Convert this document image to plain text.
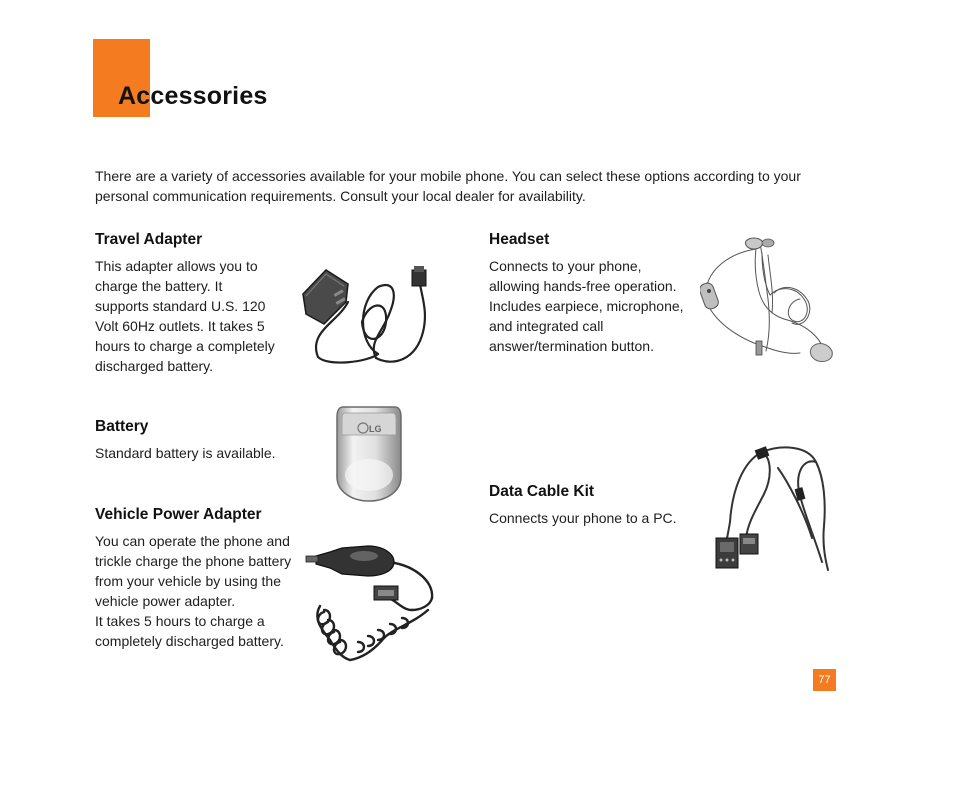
Accessories

There are a variety of accessories available for your mobile phone. You can select these options according to your personal communication requirements. Consult your local dealer for availability.

Travel Adapter

This adapter allows you to
charge the battery. It
supports standard U.S. 120
Volt 60Hz outlets. It takes 5
hours to charge a completely
discharged battery.

Battery

Standard battery is available.

LG
Vehicle Power Adapter

You can operate the phone and
trickle charge the phone battery
from your vehicle by using the
vehicle power adapter.
It takes 5 hours to charge a
completely discharged battery.

Headset

Connects to your phone,
allowing hands-free operation.
Includes earpiece, microphone,
and integrated call
answer/termination button.

Data Cable Kit

Connects your phone to a PC.

77
